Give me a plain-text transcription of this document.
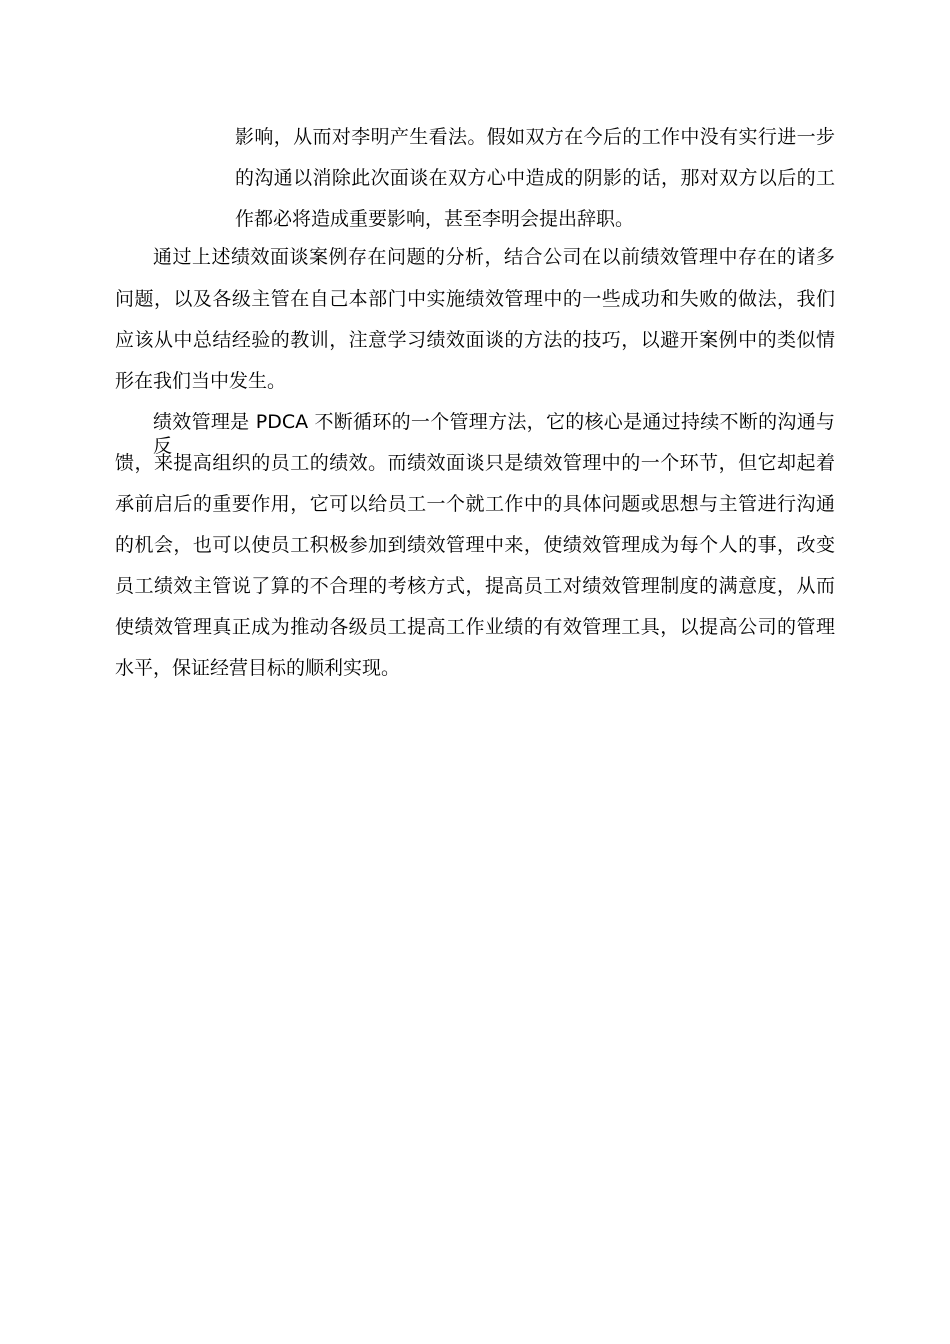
影响，从而对李明产生看法。假如双方在今后的工作中没有实行进一步

的沟通以消除此次面谈在双方心中造成的阴影的话，那对双方以后的工

作都必将造成重要影响，甚至李明会提出辞职。

通过上述绩效面谈案例存在问题的分析，结合公司在以前绩效管理中存在的诸多

问题，以及各级主管在自己本部门中实施绩效管理中的一些成功和失败的做法，我们

应该从中总结经验的教训，注意学习绩效面谈的方法的技巧，以避开案例中的类似情

形在我们当中发生。

绩效管理是 PDCA 不断循环的一个管理方法，它的核心是通过持续不断的沟通与反

馈，来提高组织的员工的绩效。而绩效面谈只是绩效管理中的一个环节，但它却起着

承前启后的重要作用，它可以给员工一个就工作中的具体问题或思想与主管进行沟通

的机会，也可以使员工积极参加到绩效管理中来，使绩效管理成为每个人的事，改变

员工绩效主管说了算的不合理的考核方式，提高员工对绩效管理制度的满意度，从而

使绩效管理真正成为推动各级员工提高工作业绩的有效管理工具，以提高公司的管理

水平，保证经营目标的顺利实现。
